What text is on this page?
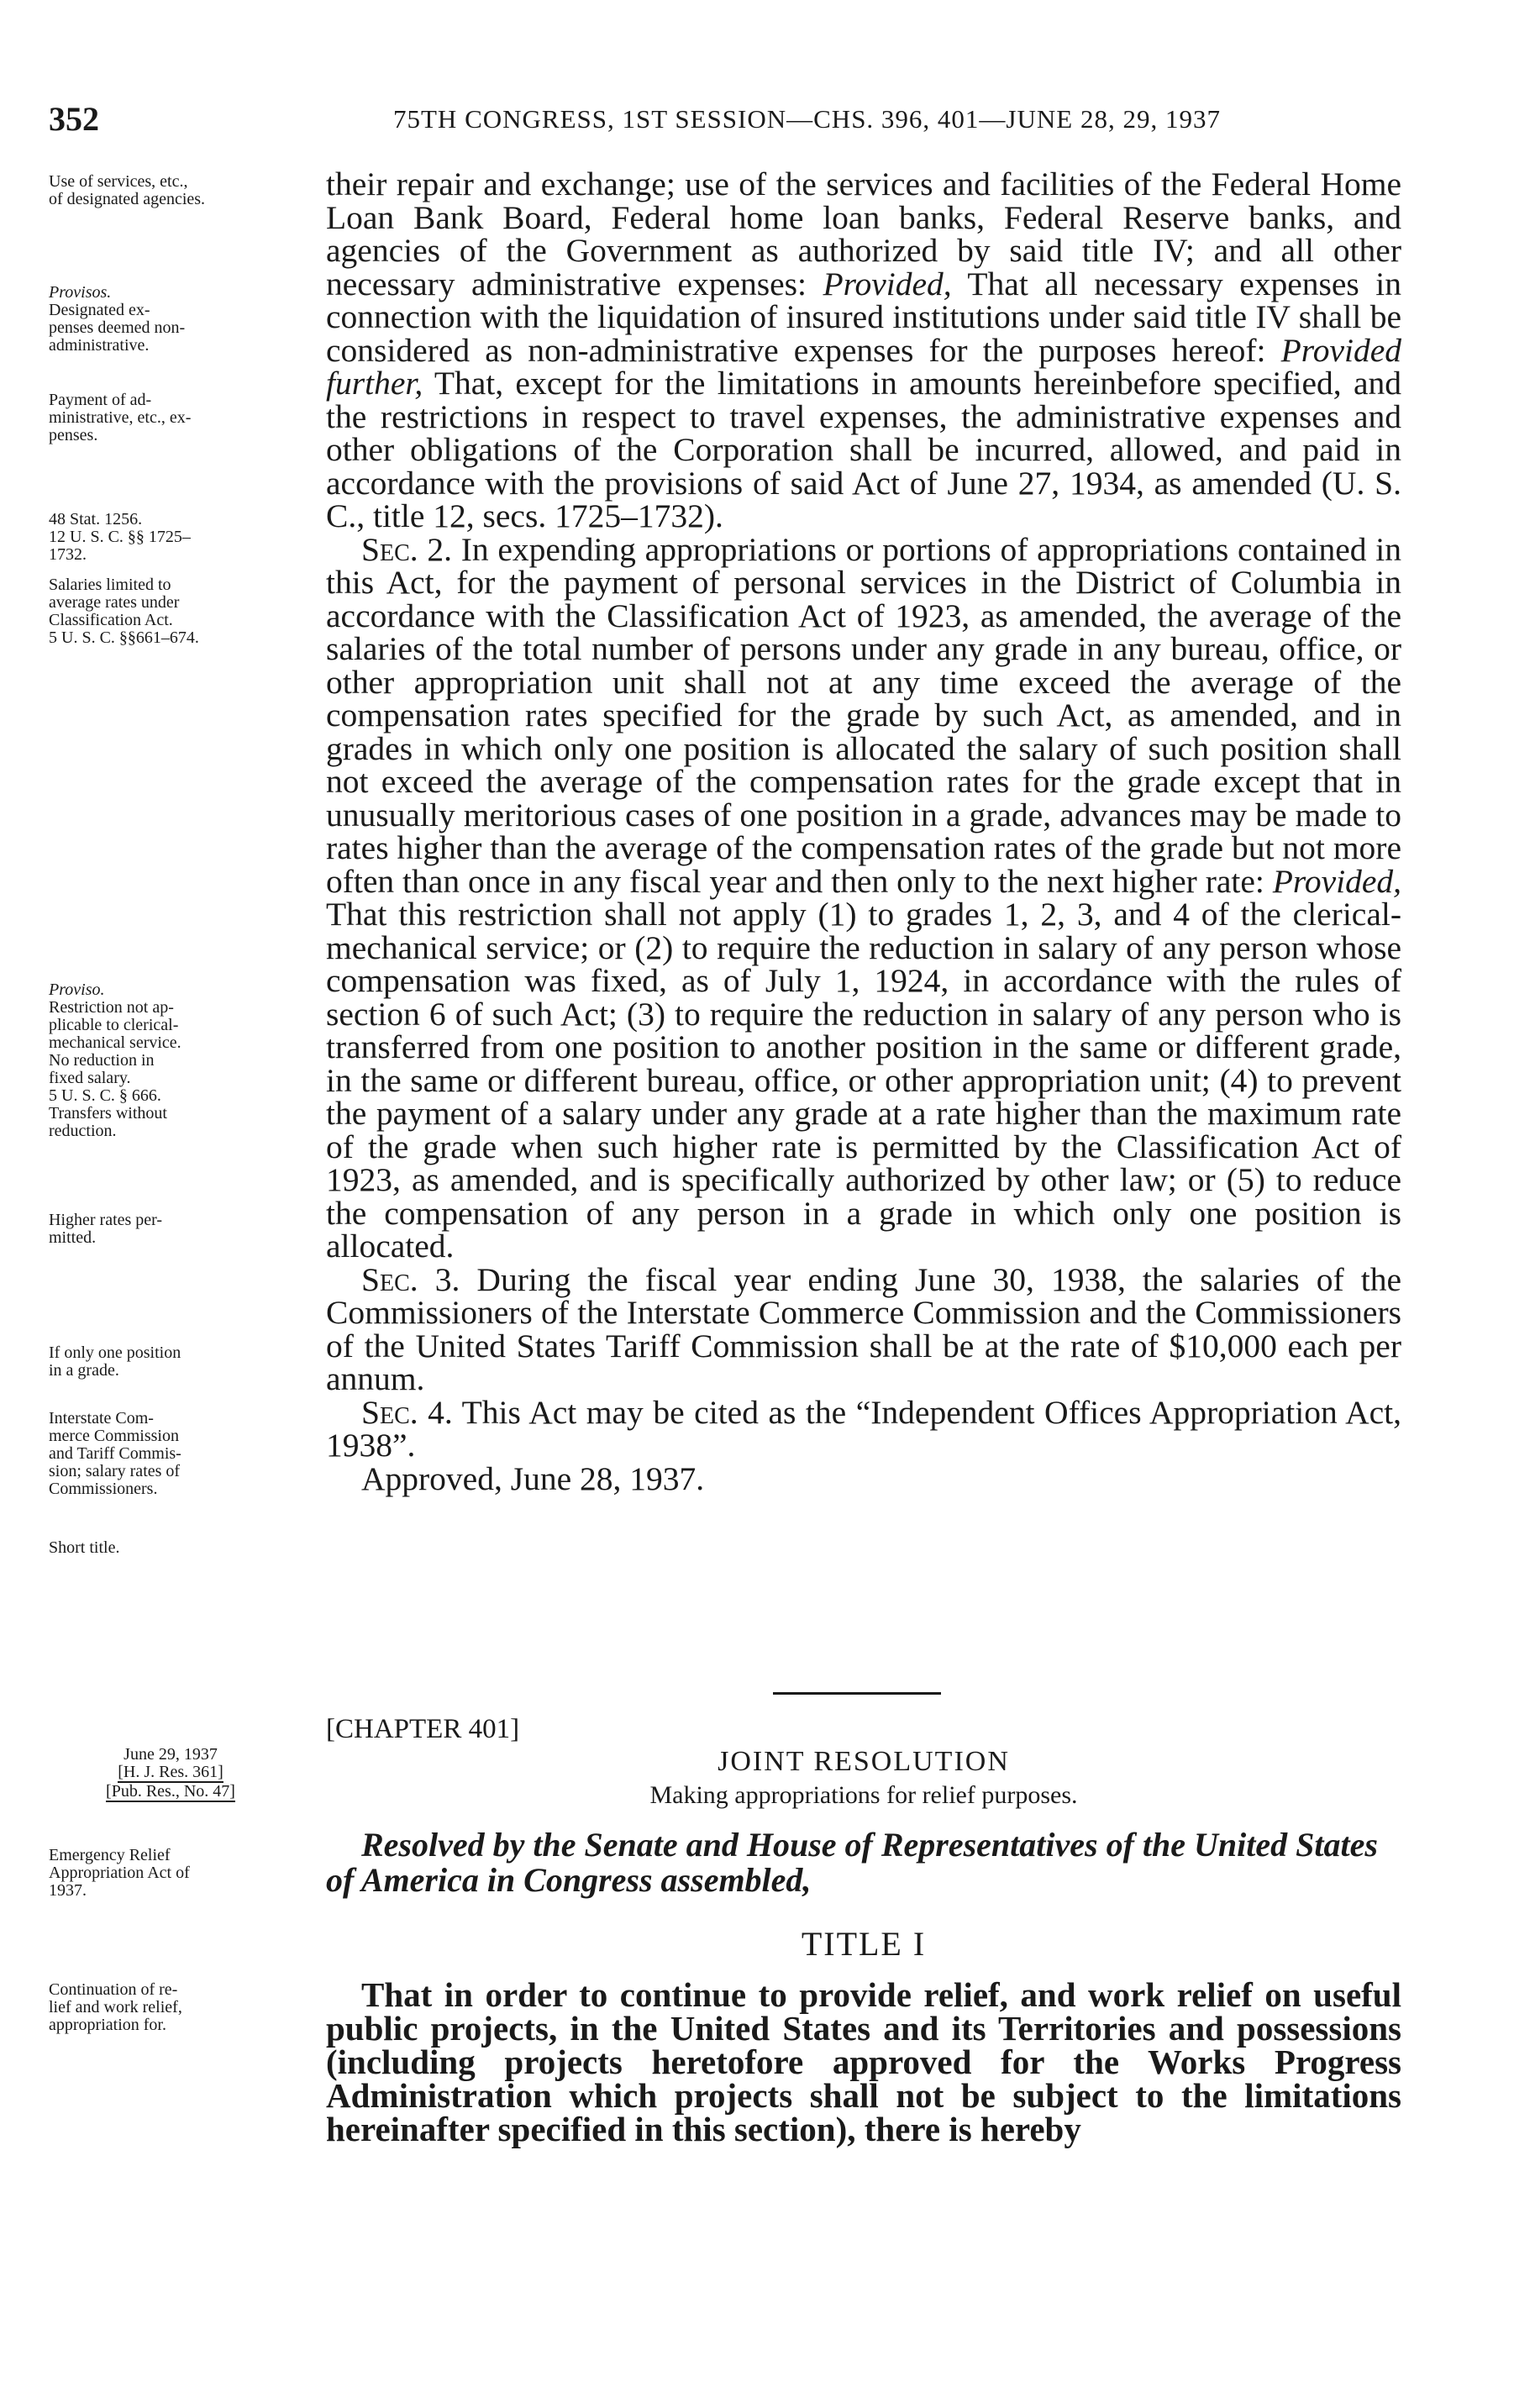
352	75TH CONGRESS, 1ST SESSION—CHS. 396, 401—JUNE 28, 29, 1937
Use of services, etc.,
of designated agencies.
Provisos.
Designated ex-
penses deemed non-
administrative.
Payment of ad-
ministrative, etc., ex-
penses.
48 Stat. 1256.
12 U. S. C. §§ 1725–
1732.
Salaries limited to
average rates under
Classification Act.
5 U. S. C. §§661–674.
Proviso.
Restriction not ap-
plicable to clerical-
mechanical service.
No reduction in
fixed salary.
5 U. S. C. § 666.
Transfers without
reduction.
Higher rates per-
mitted.
If only one position
in a grade.
Interstate Com-
merce Commission
and Tariff Commis-
sion; salary rates of
Commissioners.
Short title.
June 29, 1937
[H. J. Res. 361]
[Pub. Res., No. 47]
Emergency Relief
Appropriation Act of
1937.
Continuation of re-
lief and work relief,
appropriation for.

their repair and exchange; use of the services and facilities of the Federal Home Loan Bank Board, Federal home loan banks, Federal Reserve banks, and agencies of the Government as authorized by said title IV; and all other necessary administrative expenses: Provided, That all necessary expenses in connection with the liquidation of insured institutions under said title IV shall be considered as non-administrative expenses for the purposes hereof: Provided further, That, except for the limitations in amounts hereinbefore specified, and the restrictions in respect to travel expenses, the administrative expenses and other obligations of the Corporation shall be incurred, allowed, and paid in accordance with the provisions of said Act of June 27, 1934, as amended (U. S. C., title 12, secs. 1725–1732).

Sec. 2. In expending appropriations or portions of appropriations contained in this Act, for the payment of personal services in the District of Columbia in accordance with the Classification Act of 1923, as amended, the average of the salaries of the total number of persons under any grade in any bureau, office, or other appropriation unit shall not at any time exceed the average of the compensation rates specified for the grade by such Act, as amended, and in grades in which only one position is allocated the salary of such position shall not exceed the average of the compensation rates for the grade except that in unusually meritorious cases of one position in a grade, advances may be made to rates higher than the average of the compensation rates of the grade but not more often than once in any fiscal year and then only to the next higher rate: Provided, That this restriction shall not apply (1) to grades 1, 2, 3, and 4 of the clerical-mechanical service; or (2) to require the reduction in salary of any person whose compensation was fixed, as of July 1, 1924, in accordance with the rules of section 6 of such Act; (3) to require the reduction in salary of any person who is transferred from one position to another position in the same or different grade, in the same or different bureau, office, or other appropriation unit; (4) to prevent the payment of a salary under any grade at a rate higher than the maximum rate of the grade when such higher rate is permitted by the Classification Act of 1923, as amended, and is specifically authorized by other law; or (5) to reduce the compensation of any person in a grade in which only one position is allocated.

Sec. 3. During the fiscal year ending June 30, 1938, the salaries of the Commissioners of the Interstate Commerce Commission and the Commissioners of the United States Tariff Commission shall be at the rate of $10,000 each per annum.

Sec. 4. This Act may be cited as the “Independent Offices Appropriation Act, 1938”.

Approved, June 28, 1937.

[CHAPTER 401]
JOINT RESOLUTION
Making appropriations for relief purposes.
Resolved by the Senate and House of Representatives of the United States of America in Congress assembled,
TITLE I
That in order to continue to provide relief, and work relief on useful public projects, in the United States and its Territories and possessions (including projects heretofore approved for the Works Progress Administration which projects shall not be subject to the limitations hereinafter specified in this section), there is hereby
